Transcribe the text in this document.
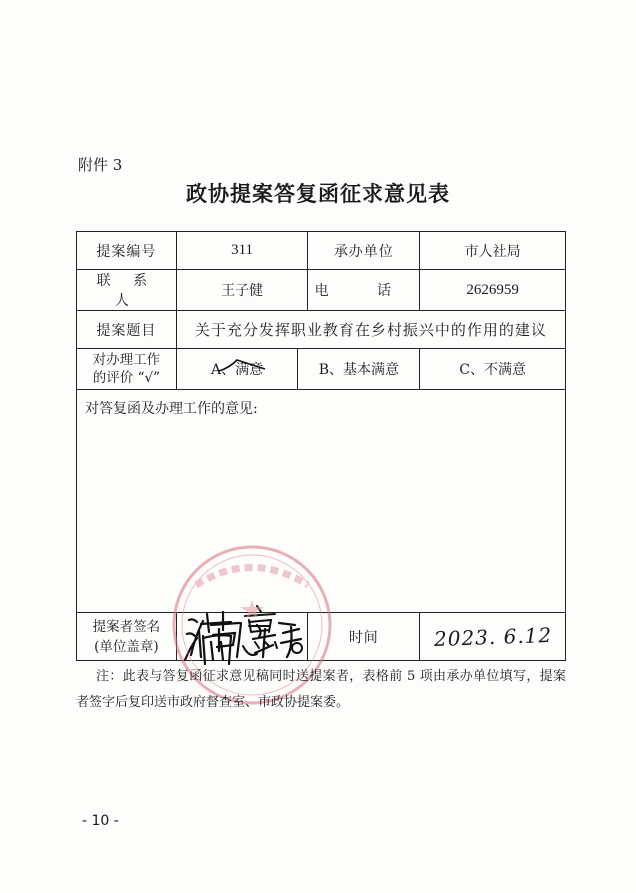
附件 3
政协提案答复函征求意见表
提案编号	311		承办单位	市人社局
联 系 人	王子健		电 话	2626959
提案题目	关于充分发挥职业教育在乡村振兴中的作用的建议			

对办理工作
的评价 “√”	A、满意	B、基本满意		C、不满意

对答复函及办理工作的意见:				

提案者签名
(单位盖章)			时间	2023. 6.12
注：此表与答复函征求意见稿同时送提案者，表格前 5 项由承办单位填写，提案者签字后复印送市政府督查室、市政协提案委。
- 10 -
